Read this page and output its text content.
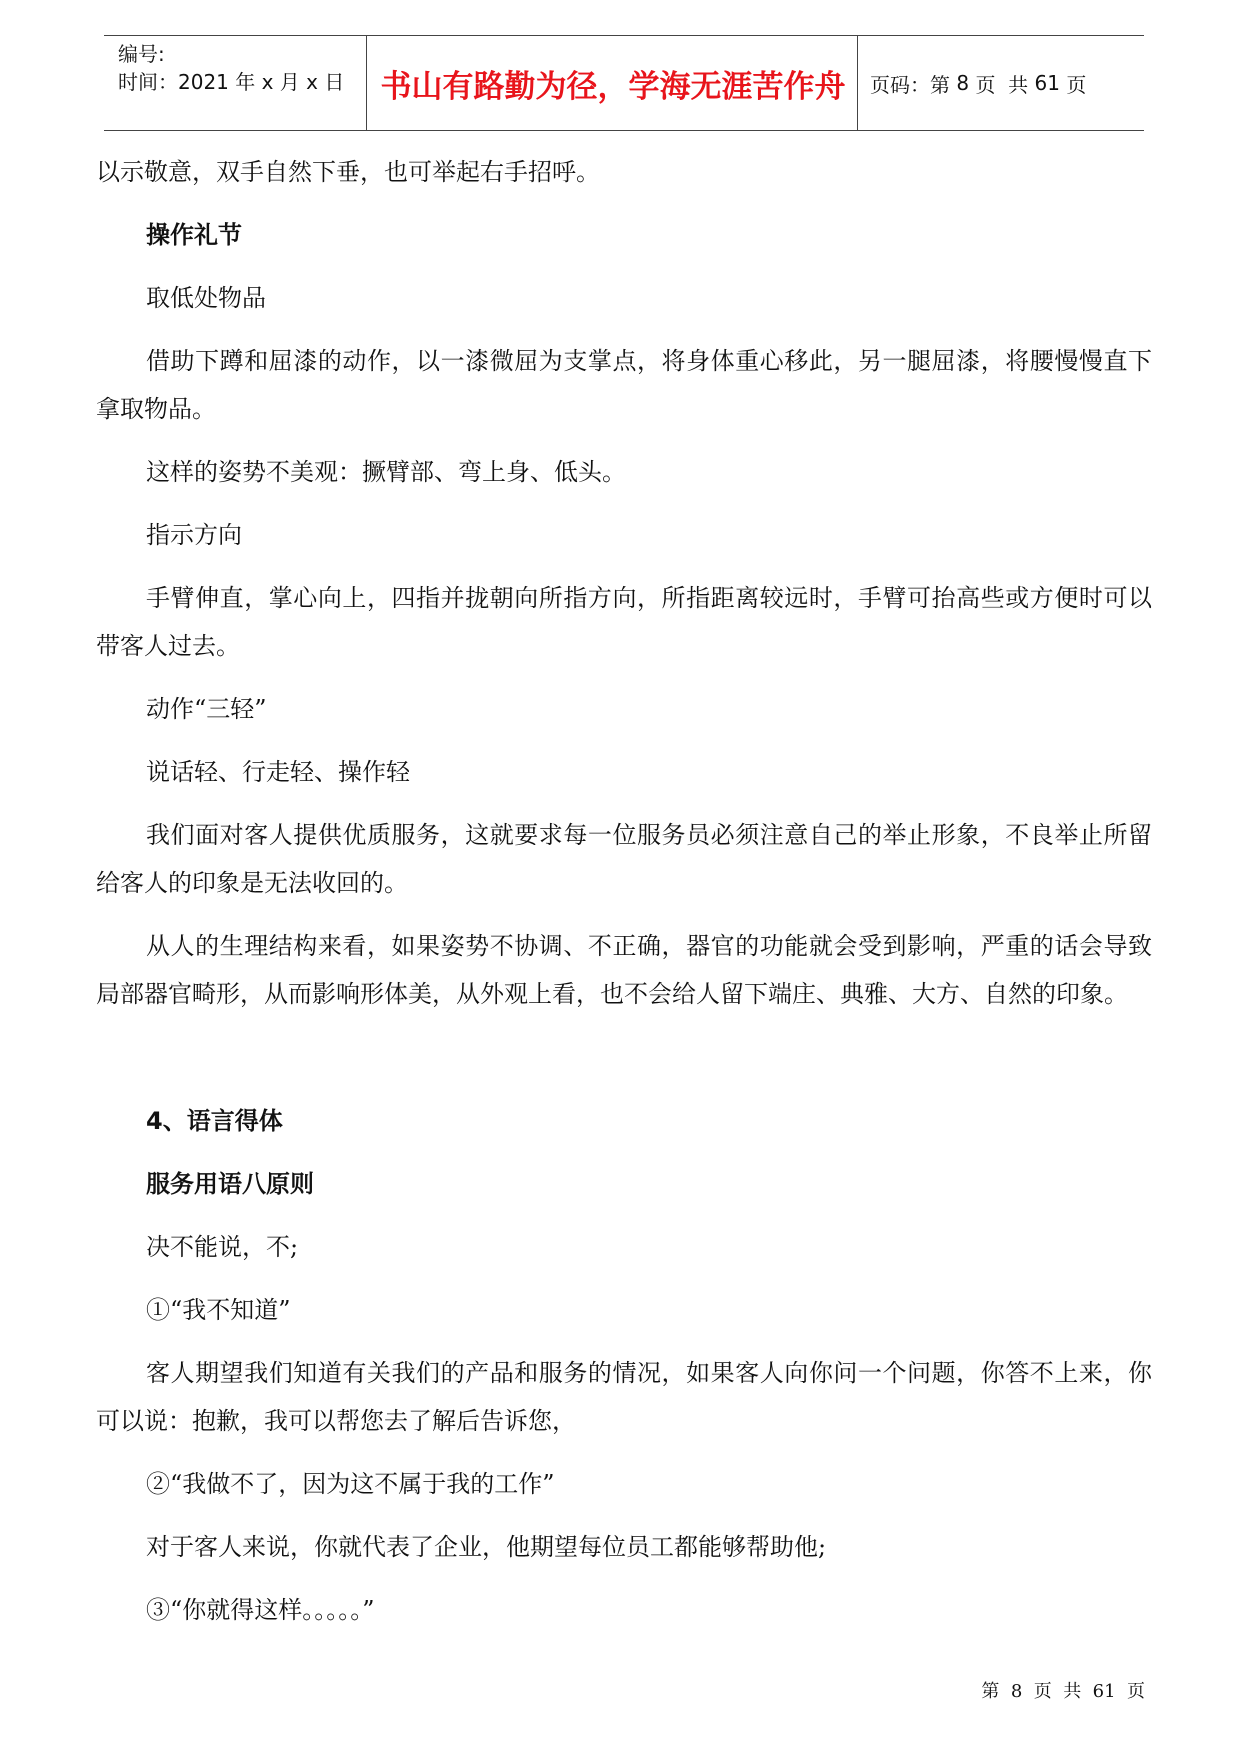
编号:
时间：2021 年 x 月 x 日	书山有路勤为径，学海无涯苦作舟	页码：第
8
页  共
61
页

以示敬意，双手自然下垂，也可举起右手招呼。

操作礼节

取低处物品

借助下蹲和屈漆的动作，以一漆微屈为支掌点，将身体重心移此，另一腿屈漆，将腰慢慢直下拿取物品。

这样的姿势不美观：撅臂部、弯上身、低头。

指示方向

手臂伸直，掌心向上，四指并拢朝向所指方向，所指距离较远时，手臂可抬高些或方便时可以带客人过去。

动作“三轻”

说话轻、行走轻、操作轻

我们面对客人提供优质服务，这就要求每一位服务员必须注意自己的举止形象，不良举止所留给客人的印象是无法收回的。

从人的生理结构来看，如果姿势不协调、不正确，器官的功能就会受到影响，严重的话会导致局部器官畸形，从而影响形体美，从外观上看，也不会给人留下端庄、典雅、大方、自然的印象。

4、语言得体

服务用语八原则

决不能说，不;

①“我不知道”

客人期望我们知道有关我们的产品和服务的情况，如果客人向你问一个问题，你答不上来，你可以说：抱歉，我可以帮您去了解后告诉您，

②“我做不了，因为这不属于我的工作”

对于客人来说，你就代表了企业，他期望每位员工都能够帮助他;

③“你就得这样。。。。。”

第  8  页  共  61  页
